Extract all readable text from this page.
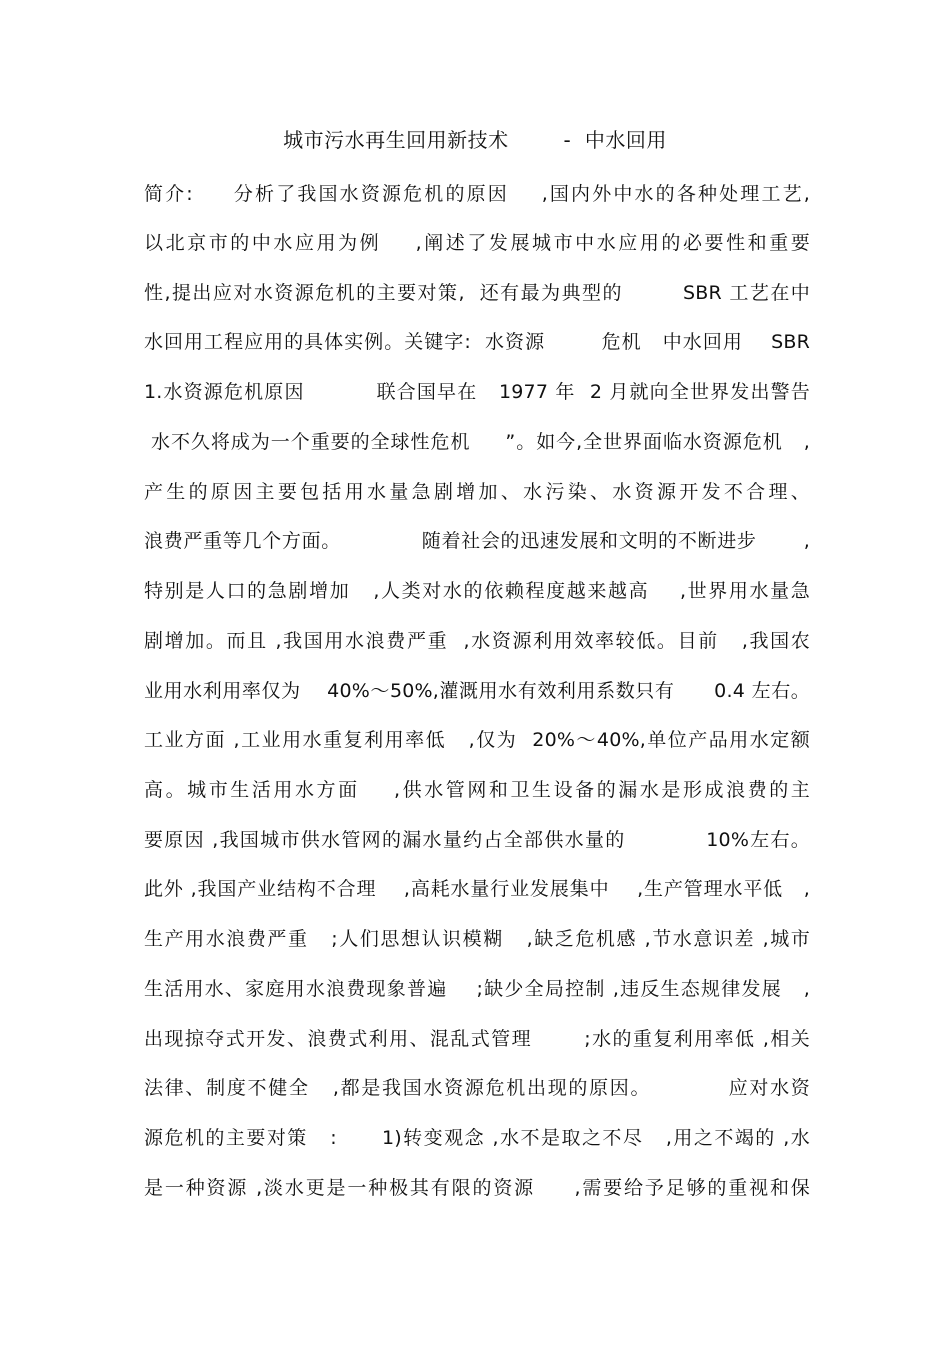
城市污水再生回用新技术        -  中水回用
简介:     分析了我国水资源危机的原因    ,国内外中水的各种处理工艺,
以北京市的中水应用为例    ,阐述了发展城市中水应用的必要性和重要
性,提出应对水资源危机的主要对策,  还有最为典型的        SBR 工艺在中
水回用工程应用的具体实例。关键字:  水资源        危机   中水回用    SBR
1.水资源危机原因          联合国早在   1977 年  2 月就向全世界发出警告
水不久将成为一个重要的全球性危机     ”。如今,全世界面临水资源危机   ,
产生的原因主要包括用水量急剧增加、水污染、水资源开发不合理、
浪费严重等几个方面。            随着社会的迅速发展和文明的不断进步       ,
特别是人口的急剧增加   ,人类对水的依赖程度越来越高    ,世界用水量急
剧增加。而且 ,我国用水浪费严重  ,水资源利用效率较低。目前   ,我国农
业用水利用率仅为    40%～50%,灌溉用水有效利用系数只有      0.4 左右。
工业方面 ,工业用水重复利用率低   ,仅为  20%～40%,单位产品用水定额
高。城市生活用水方面    ,供水管网和卫生设备的漏水是形成浪费的主
要原因 ,我国城市供水管网的漏水量约占全部供水量的           10%左右。
此外 ,我国产业结构不合理    ,高耗水量行业发展集中    ,生产管理水平低   ,
生产用水浪费严重   ;人们思想认识模糊   ,缺乏危机感 ,节水意识差 ,城市
生活用水、家庭用水浪费现象普遍    ;缺少全局控制 ,违反生态规律发展   ,
出现掠夺式开发、浪费式利用、混乱式管理       ;水的重复利用率低 ,相关
法律、制度不健全   ,都是我国水资源危机出现的原因。          应对水资
源危机的主要对策   :      1)转变观念 ,水不是取之不尽   ,用之不竭的 ,水
是一种资源 ,淡水更是一种极其有限的资源     ,需要给予足够的重视和保
